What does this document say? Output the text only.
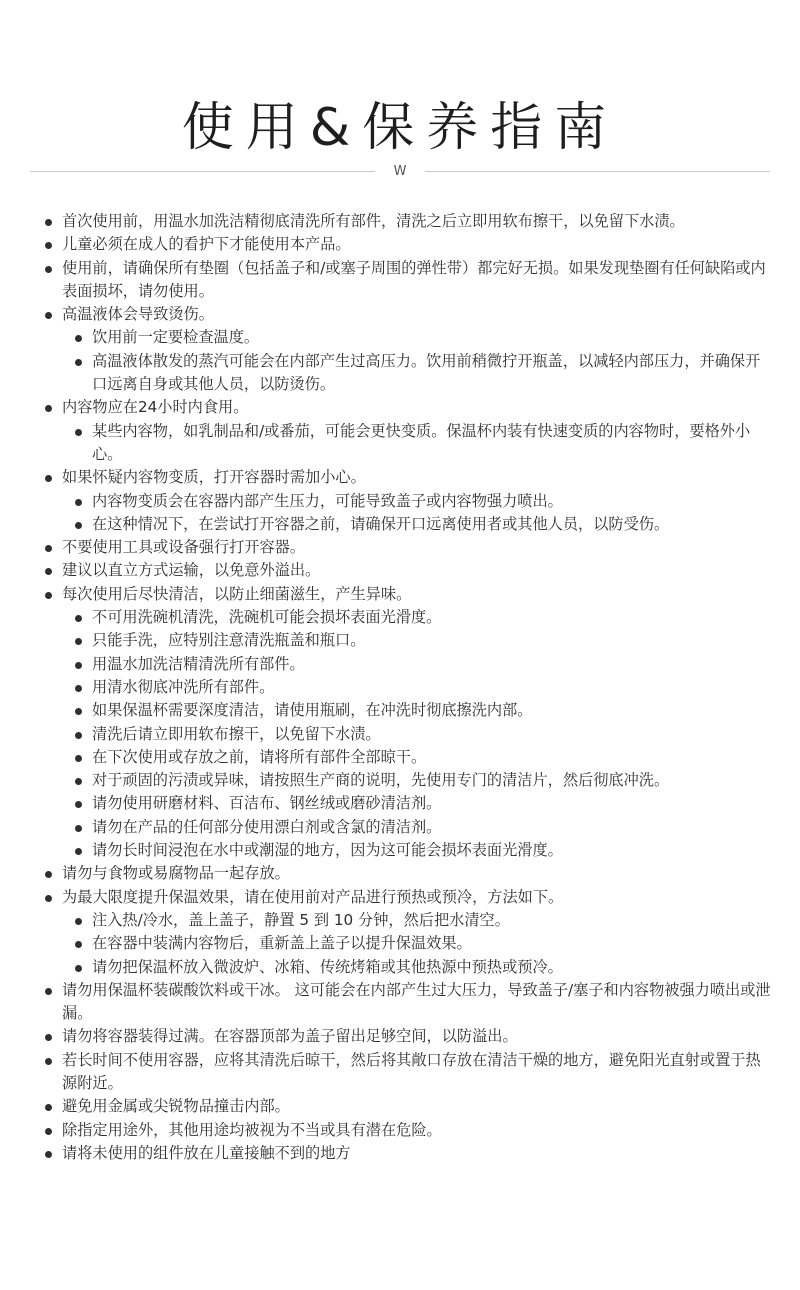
使用&保养指南
W
首次使用前，用温水加洗洁精彻底清洗所有部件，清洗之后立即用软布擦干，以免留下水渍。
儿童必须在成人的看护下才能使用本产品。
使用前，请确保所有垫圈（包括盖子和/或塞子周围的弹性带）都完好无损。如果发现垫圈有任何缺陷或内表面损坏，请勿使用。
高温液体会导致烫伤。
饮用前一定要检查温度。
高温液体散发的蒸汽可能会在内部产生过高压力。饮用前稍微拧开瓶盖，以减轻内部压力，并确保开口远离自身或其他人员，以防烫伤。
内容物应在24小时内食用。
某些内容物，如乳制品和/或番茄，可能会更快变质。保温杯内装有快速变质的内容物时，要格外小心。
如果怀疑内容物变质，打开容器时需加小心。
内容物变质会在容器内部产生压力，可能导致盖子或内容物强力喷出。
在这种情况下，在尝试打开容器之前，请确保开口远离使用者或其他人员，以防受伤。
不要使用工具或设备强行打开容器。
建议以直立方式运输，以免意外溢出。
每次使用后尽快清洁，以防止细菌滋生，产生异味。
不可用洗碗机清洗，洗碗机可能会损坏表面光滑度。
只能手洗，应特别注意清洗瓶盖和瓶口。
用温水加洗洁精清洗所有部件。
用清水彻底冲洗所有部件。
如果保温杯需要深度清洁，请使用瓶刷，在冲洗时彻底擦洗内部。
清洗后请立即用软布擦干，以免留下水渍。
在下次使用或存放之前，请将所有部件全部晾干。
对于顽固的污渍或异味，请按照生产商的说明，先使用专门的清洁片，然后彻底冲洗。
请勿使用研磨材料、百洁布、钢丝绒或磨砂清洁剂。
请勿在产品的任何部分使用漂白剂或含氯的清洁剂。
请勿长时间浸泡在水中或潮湿的地方，因为这可能会损坏表面光滑度。
请勿与食物或易腐物品一起存放。
为最大限度提升保温效果，请在使用前对产品进行预热或预冷，方法如下。
注入热/冷水，盖上盖子，静置 5 到 10 分钟，然后把水清空。
在容器中装满内容物后，重新盖上盖子以提升保温效果。
请勿把保温杯放入微波炉、冰箱、传统烤箱或其他热源中预热或预冷。
请勿用保温杯装碳酸饮料或干冰。 这可能会在内部产生过大压力，导致盖子/塞子和内容物被强力喷出或泄漏。
请勿将容器装得过满。在容器顶部为盖子留出足够空间，以防溢出。
若长时间不使用容器，应将其清洗后晾干，然后将其敞口存放在清洁干燥的地方，避免阳光直射或置于热源附近。
避免用金属或尖锐物品撞击内部。
除指定用途外，其他用途均被视为不当或具有潜在危险。
请将未使用的组件放在儿童接触不到的地方
